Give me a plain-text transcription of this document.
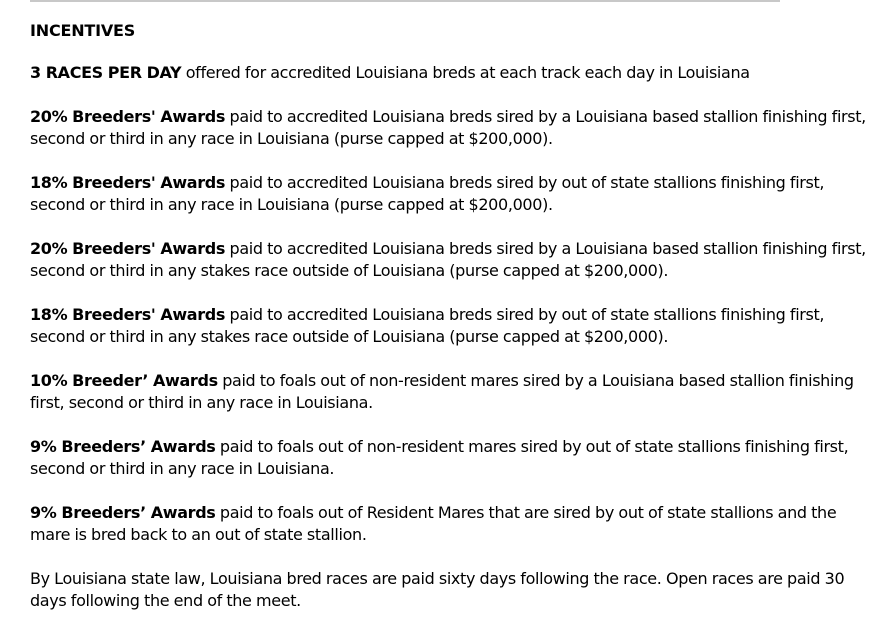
INCENTIVES

3 RACES PER DAY offered for accredited Louisiana breds at each track each day in Louisiana

20% Breeders' Awards paid to accredited Louisiana breds sired by a Louisiana based stallion finishing first, second or third in any race in Louisiana (purse capped at $200,000).

18% Breeders' Awards paid to accredited Louisiana breds sired by out of state stallions finishing first, second or third in any race in Louisiana (purse capped at $200,000).

20% Breeders' Awards paid to accredited Louisiana breds sired by a Louisiana based stallion finishing first, second or third in any stakes race outside of Louisiana (purse capped at $200,000).

18% Breeders' Awards paid to accredited Louisiana breds sired by out of state stallions finishing first, second or third in any stakes race outside of Louisiana (purse capped at $200,000).

10% Breeder’ Awards paid to foals out of non-resident mares sired by a Louisiana based stallion finishing first, second or third in any race in Louisiana.

9% Breeders’ Awards paid to foals out of non-resident mares sired by out of state stallions finishing first, second or third in any race in Louisiana.

9% Breeders’ Awards paid to foals out of Resident Mares that are sired by out of state stallions and the mare is bred back to an out of state stallion.

By Louisiana state law, Louisiana bred races are paid sixty days following the race. Open races are paid 30 days following the end of the meet.
